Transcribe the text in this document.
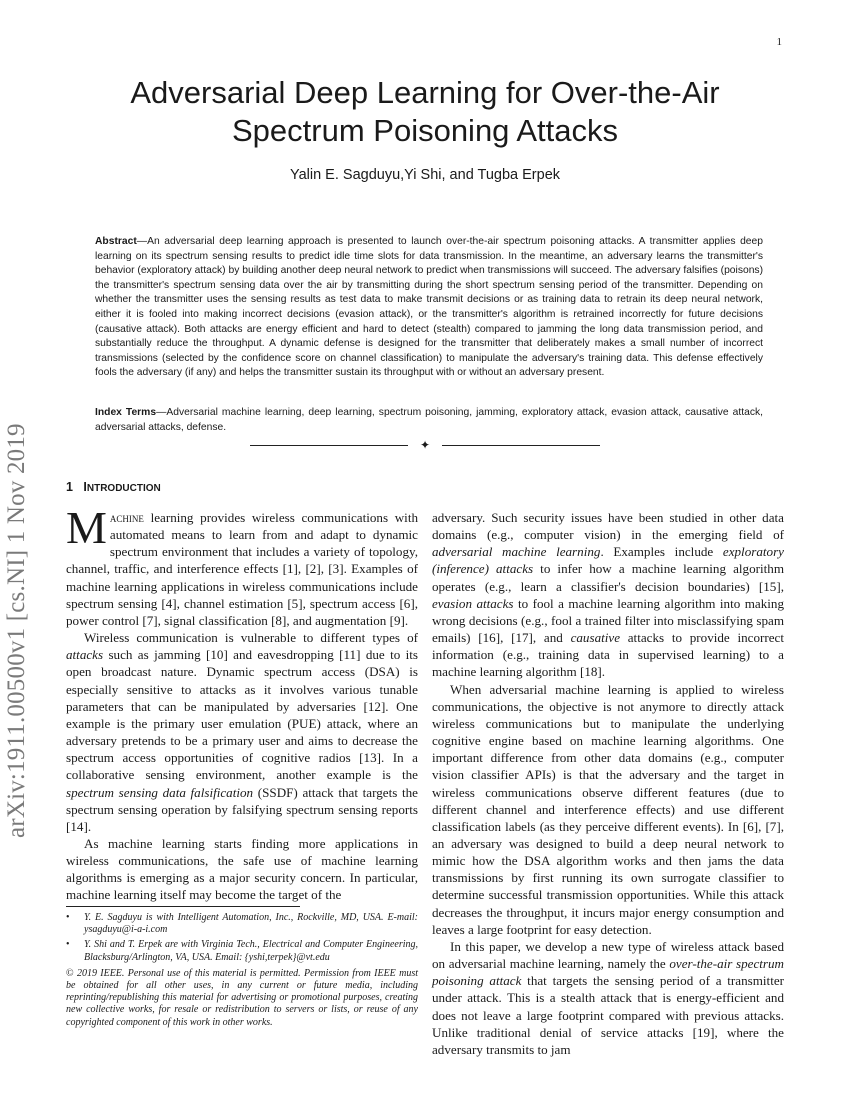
1
Adversarial Deep Learning for Over-the-Air
Spectrum Poisoning Attacks
Yalin E. Sagduyu,Yi Shi, and Tugba Erpek
Abstract—An adversarial deep learning approach is presented to launch over-the-air spectrum poisoning attacks. A transmitter applies deep learning on its spectrum sensing results to predict idle time slots for data transmission. In the meantime, an adversary learns the transmitter's behavior (exploratory attack) by building another deep neural network to predict when transmissions will succeed. The adversary falsifies (poisons) the transmitter's spectrum sensing data over the air by transmitting during the short spectrum sensing period of the transmitter. Depending on whether the transmitter uses the sensing results as test data to make transmit decisions or as training data to retrain its deep neural network, either it is fooled into making incorrect decisions (evasion attack), or the transmitter's algorithm is retrained incorrectly for future decisions (causative attack). Both attacks are energy efficient and hard to detect (stealth) compared to jamming the long data transmission period, and substantially reduce the throughput. A dynamic defense is designed for the transmitter that deliberately makes a small number of incorrect transmissions (selected by the confidence score on channel classification) to manipulate the adversary's training data. This defense effectively fools the adversary (if any) and helps the transmitter sustain its throughput with or without an adversary present.
Index Terms—Adversarial machine learning, deep learning, spectrum poisoning, jamming, exploratory attack, evasion attack, causative attack, adversarial attacks, defense.
✦
arXiv:1911.00500v1 [cs.NI] 1 Nov 2019	1 INTRODUCTION

Machine learning provides wireless communications with automated means to learn from and adapt to dynamic spectrum environment that includes a variety of topology, channel, traffic, and interference effects [1], [2], [3]. Examples of machine learning applications in wireless communications include spectrum sensing [4], channel estimation [5], spectrum access [6], power control [7], signal classification [8], and augmentation [9].

Wireless communication is vulnerable to different types of attacks such as jamming [10] and eavesdropping [11] due to its open broadcast nature. Dynamic spectrum access (DSA) is especially sensitive to attacks as it involves various tunable parameters that can be manipulated by adversaries [12]. One example is the primary user emulation (PUE) attack, where an adversary pretends to be a primary user and aims to decrease the spectrum access opportunities of cognitive radios [13]. In a collaborative sensing environment, another example is the spectrum sensing data falsification (SSDF) attack that targets the spectrum sensing operation by falsifying spectrum sensing reports [14].

As machine learning starts finding more applications in wireless communications, the safe use of machine learning algorithms is emerging as a major security concern. In particular, machine learning itself may become the target of the

adversary. Such security issues have been studied in other data domains (e.g., computer vision) in the emerging field of adversarial machine learning. Examples include exploratory (inference) attacks to infer how a machine learning algorithm operates (e.g., learn a classifier's decision boundaries) [15], evasion attacks to fool a machine learning algorithm into making wrong decisions (e.g., fool a trained filter into misclassifying spam emails) [16], [17], and causative attacks to provide incorrect information (e.g., training data in supervised learning) to a machine learning algorithm [18].

When adversarial machine learning is applied to wireless communications, the objective is not anymore to directly attack wireless communications but to manipulate the underlying cognitive engine based on machine learning algorithms. One important difference from other data domains (e.g., computer vision classifier APIs) is that the adversary and the target in wireless communications observe different features (due to different channel and interference effects) and use different classification labels (as they perceive different events). In [6], [7], an adversary was designed to build a deep neural network to mimic how the DSA algorithm works and then jams the data transmissions by first running its own surrogate classifier to determine successful transmission opportunities. While this attack decreases the throughput, it incurs major energy consumption and leaves a large footprint for easy detection.

In this paper, we develop a new type of wireless attack based on adversarial machine learning, namely the over-the-air spectrum poisoning attack that targets the sensing period of a transmitter under attack. This is a stealth attack that is energy-efficient and does not leave a large footprint compared with previous attacks. Unlike traditional denial of service attacks [19], where the adversary transmits to jam

• Y. E. Sagduyu is with Intelligent Automation, Inc., Rockville, MD, USA. E-mail: ysagduyu@i-a-i.com
• Y. Shi and T. Erpek are with Virginia Tech., Electrical and Computer Engineering, Blacksburg/Arlington, VA, USA. Email: {yshi,terpek}@vt.edu
© 2019 IEEE. Personal use of this material is permitted. Permission from IEEE must be obtained for all other uses, in any current or future media, including reprinting/republishing this material for advertising or promotional purposes, creating new collective works, for resale or redistribution to servers or lists, or reuse of any copyrighted component of this work in other works.
